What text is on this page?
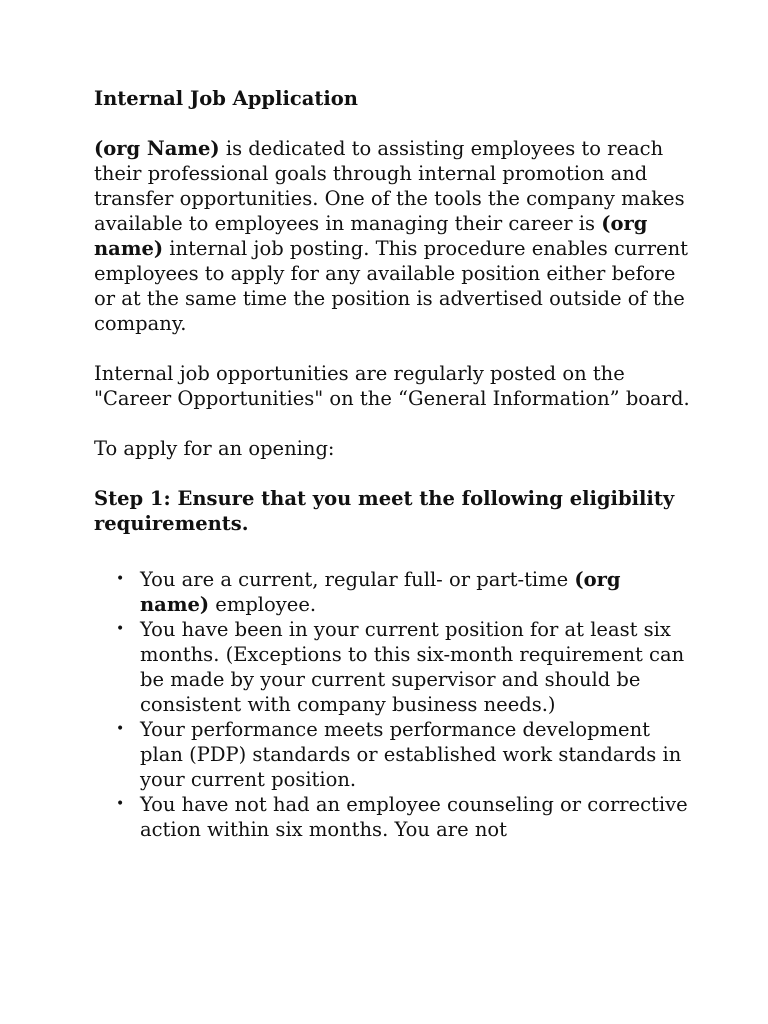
Internal Job Application

(org Name) is dedicated to assisting employees to reach their professional goals through internal promotion and transfer opportunities. One of the tools the company makes available to employees in managing their career is (org name) internal job posting. This procedure enables current employees to apply for any available position either before or at the same time the position is advertised outside of the company.

Internal job opportunities are regularly posted on the "Career Opportunities" on the “General Information” board.

To apply for an opening:

Step 1: Ensure that you meet the following eligibility requirements.

• You are a current, regular full- or part-time (org name) employee.
• You have been in your current position for at least six months. (Exceptions to this six-month requirement can be made by your current supervisor and should be consistent with company business needs.)
• Your performance meets performance development plan (PDP) standards or established work standards in your current position.
• You have not had an employee counseling or corrective action within six months. You are not
